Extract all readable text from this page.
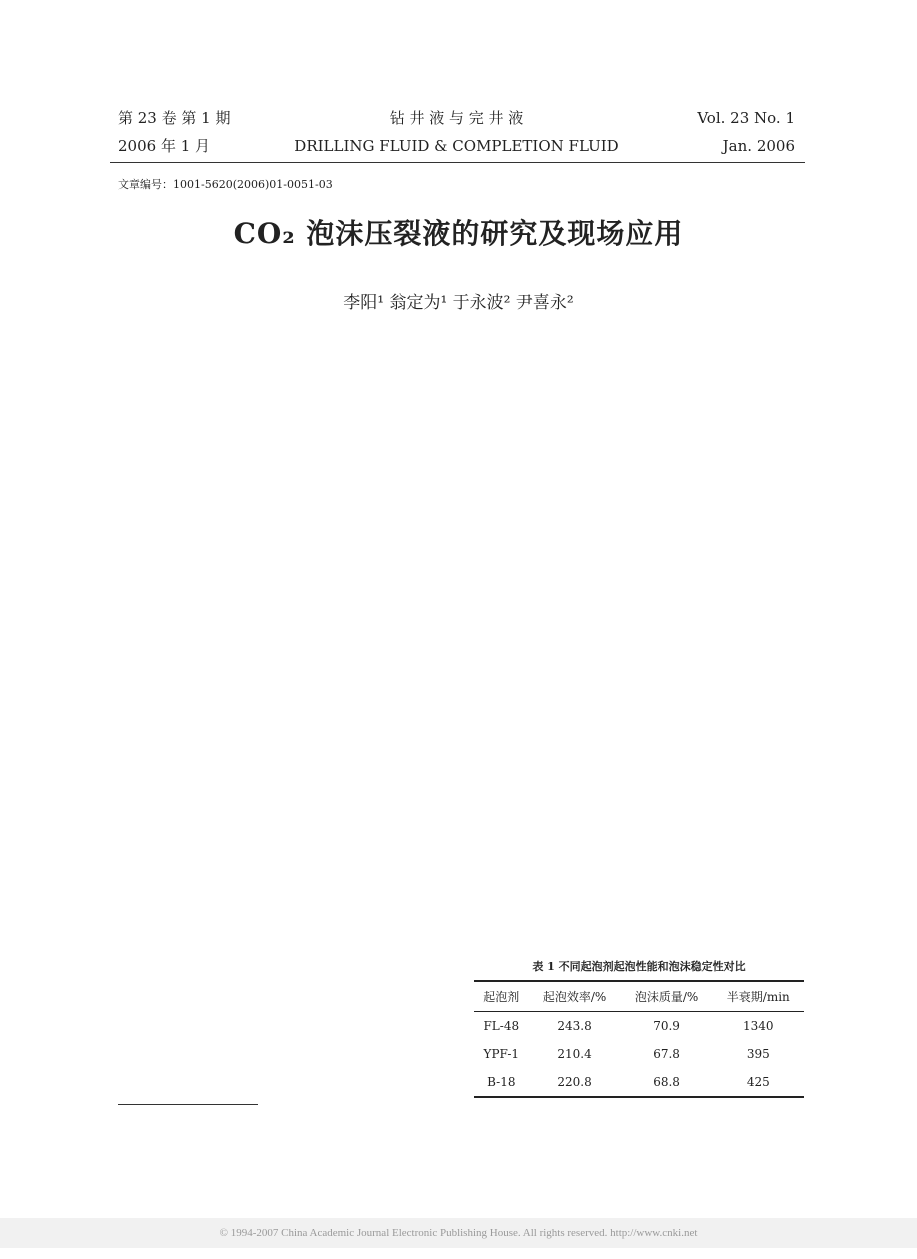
第 23 卷 第 1 期
2006 年 1 月
钻 井 液 与 完 井 液
DRILLING FLUID & COMPLETION FLUID
Vol. 23 No. 1
Jan. 2006
文章编号：1001-5620(2006)01-0051-03
CO₂ 泡沫压裂液的研究及现场应用
李阳¹ 翁定为¹ 于永波² 尹喜永²

表 1 不同起泡剂起泡性能和泡沫稳定性对比
起泡剂	起泡效率/%	泡沫质量/%	半衰期/min
FL-48	243.8	70.9	1340
YPF-1	210.4	67.8	395
B-18	220.8	68.8	425
© 1994-2007 China Academic Journal Electronic Publishing House. All rights reserved. http://www.cnki.net
